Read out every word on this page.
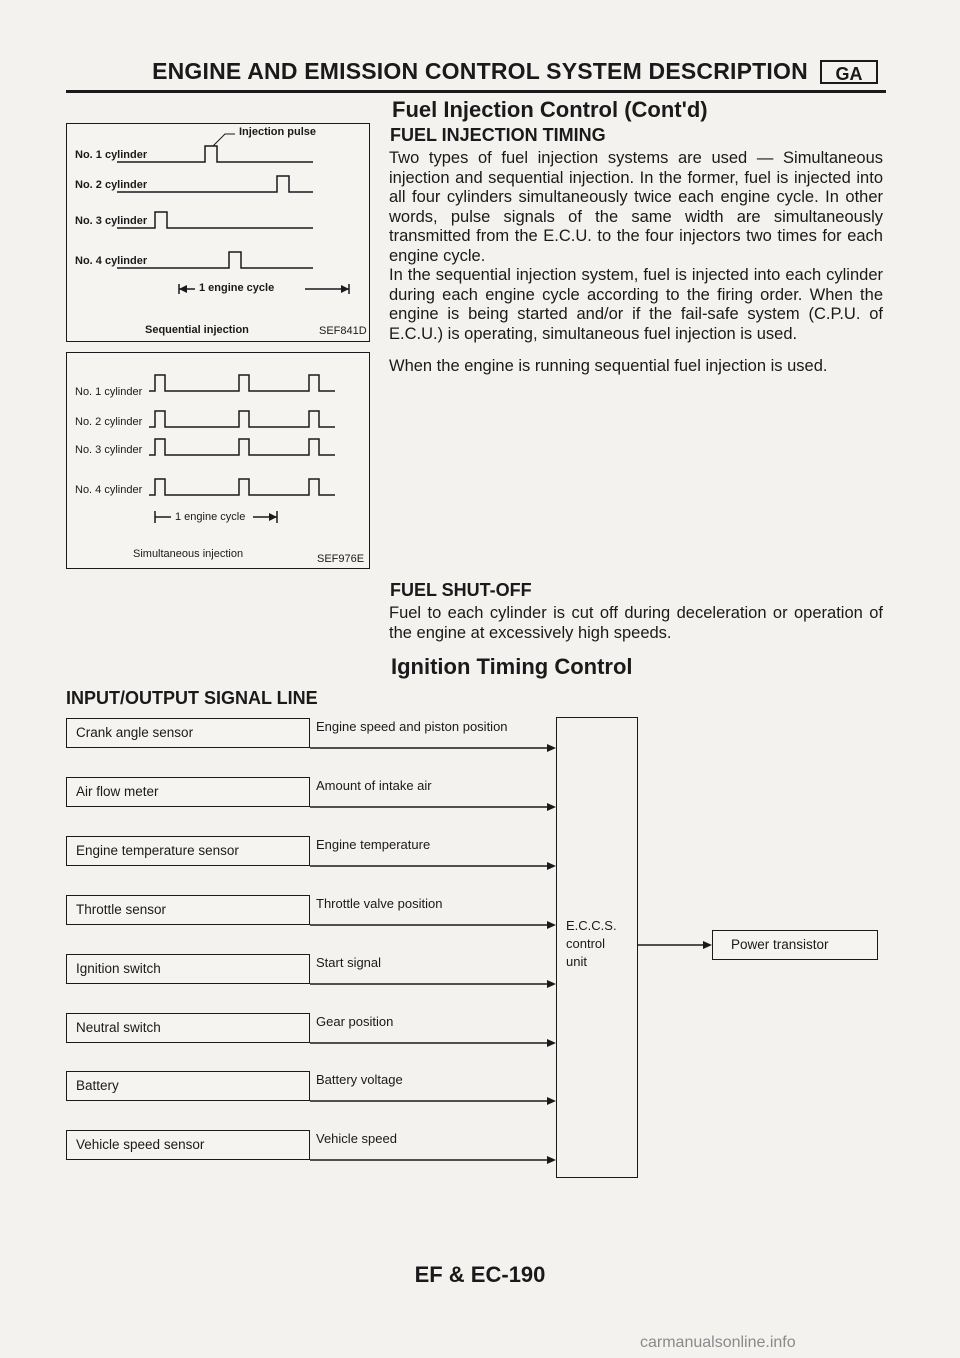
ENGINE AND EMISSION CONTROL SYSTEM DESCRIPTION	GA
Fuel Injection Control (Cont'd)
FUEL INJECTION TIMING
Two types of fuel injection systems are used — Simultaneous injection and sequential injection. In the former, fuel is injected into all four cylinders simultaneously twice each engine cycle. In other words, pulse signals of the same width are simultaneously transmitted from the E.C.U. to the four injectors two times for each engine cycle.
In the sequential injection system, fuel is injected into each cylinder during each engine cycle according to the firing order. When the engine is being started and/or if the fail-safe system (C.P.U. of E.C.U.) is operating, simultaneous fuel injection is used.
When the engine is running sequential fuel injection is used.
FUEL SHUT-OFF
Fuel to each cylinder is cut off during deceleration or operation of the engine at excessively high speeds.
Ignition Timing Control
Injection pulse
No. 1 cylinder
No. 2 cylinder
No. 3 cylinder
No. 4 cylinder
1 engine cycle
Sequential injection	SEF841D
No. 1 cylinder
No. 2 cylinder
No. 3 cylinder
No. 4 cylinder
1 engine cycle
Simultaneous injection	SEF976E
INPUT/OUTPUT SIGNAL LINE
E.C.C.S.
control
unit
Crank angle sensor	Engine speed and piston position
Air flow meter	Amount of intake air
Engine temperature sensor	Engine temperature
Throttle sensor	Throttle valve position
Ignition switch	Start signal
Neutral switch	Gear position
Battery	Battery voltage
Vehicle speed sensor	Vehicle speed
Power transistor
EF & EC-190
carmanualsonline.info
